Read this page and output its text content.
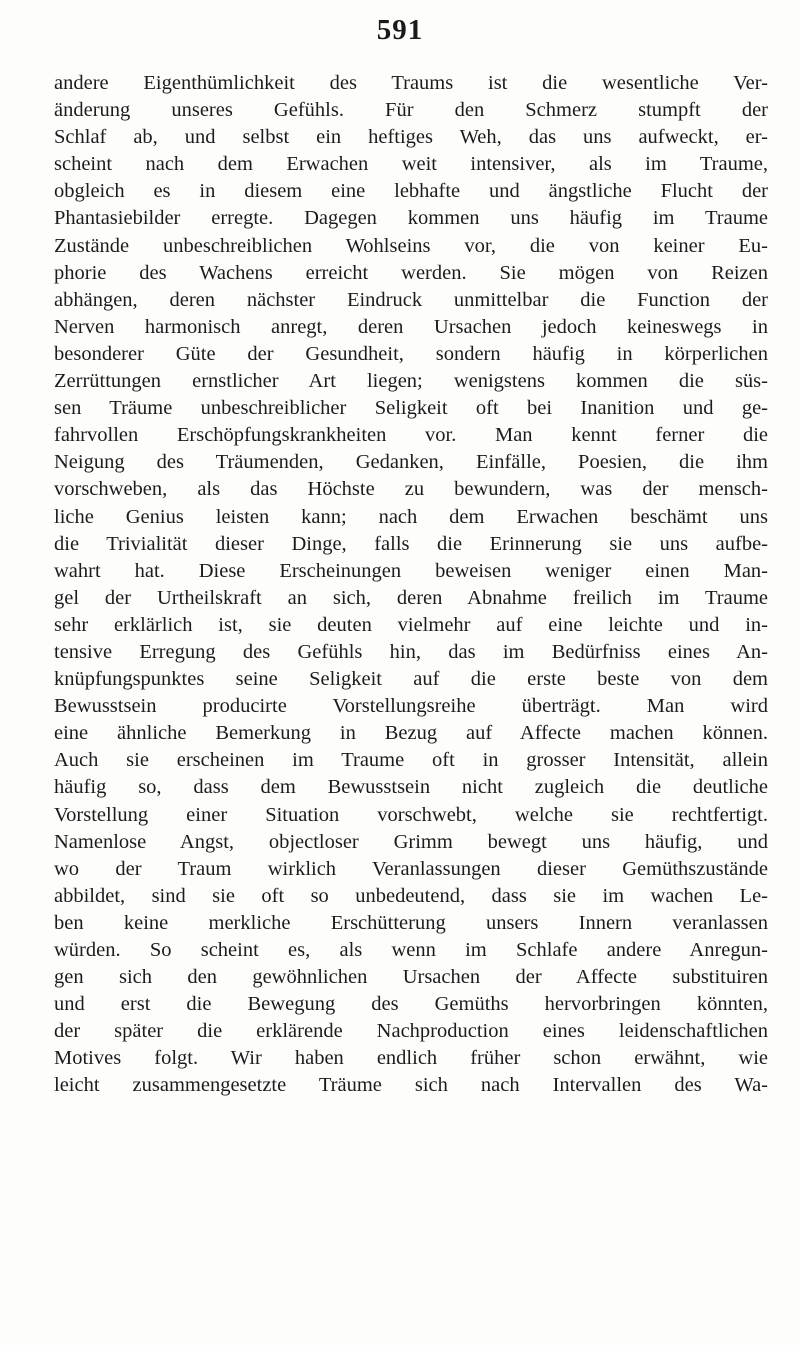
591
andere Eigenthümlichkeit des Traums ist die wesentliche Ver-
änderung unseres Gefühls. Für den Schmerz stumpft der
Schlaf ab, und selbst ein heftiges Weh, das uns aufweckt, er-
scheint nach dem Erwachen weit intensiver, als im Traume,
obgleich es in diesem eine lebhafte und ängstliche Flucht der
Phantasiebilder erregte. Dagegen kommen uns häufig im Traume
Zustände unbeschreiblichen Wohlseins vor, die von keiner Eu-
phorie des Wachens erreicht werden. Sie mögen von Reizen
abhängen, deren nächster Eindruck unmittelbar die Function der
Nerven harmonisch anregt, deren Ursachen jedoch keineswegs in
besonderer Güte der Gesundheit, sondern häufig in körperlichen
Zerrüttungen ernstlicher Art liegen; wenigstens kommen die süs-
sen Träume unbeschreiblicher Seligkeit oft bei Inanition und ge-
fahrvollen Erschöpfungskrankheiten vor. Man kennt ferner die
Neigung des Träumenden, Gedanken, Einfälle, Poesien, die ihm
vorschweben, als das Höchste zu bewundern, was der mensch-
liche Genius leisten kann; nach dem Erwachen beschämt uns
die Trivialität dieser Dinge, falls die Erinnerung sie uns aufbe-
wahrt hat. Diese Erscheinungen beweisen weniger einen Man-
gel der Urtheilskraft an sich, deren Abnahme freilich im Traume
sehr erklärlich ist, sie deuten vielmehr auf eine leichte und in-
tensive Erregung des Gefühls hin, das im Bedürfniss eines An-
knüpfungspunktes seine Seligkeit auf die erste beste von dem
Bewusstsein producirte Vorstellungsreihe überträgt. Man wird
eine ähnliche Bemerkung in Bezug auf Affecte machen können.
Auch sie erscheinen im Traume oft in grosser Intensität, allein
häufig so, dass dem Bewusstsein nicht zugleich die deutliche
Vorstellung einer Situation vorschwebt, welche sie rechtfertigt.
Namenlose Angst, objectloser Grimm bewegt uns häufig, und
wo der Traum wirklich Veranlassungen dieser Gemüthszustände
abbildet, sind sie oft so unbedeutend, dass sie im wachen Le-
ben keine merkliche Erschütterung unsers Innern veranlassen
würden. So scheint es, als wenn im Schlafe andere Anregun-
gen sich den gewöhnlichen Ursachen der Affecte substituiren
und erst die Bewegung des Gemüths hervorbringen könnten,
der später die erklärende Nachproduction eines leidenschaftlichen
Motives folgt. Wir haben endlich früher schon erwähnt, wie
leicht zusammengesetzte Träume sich nach Intervallen des Wa-
